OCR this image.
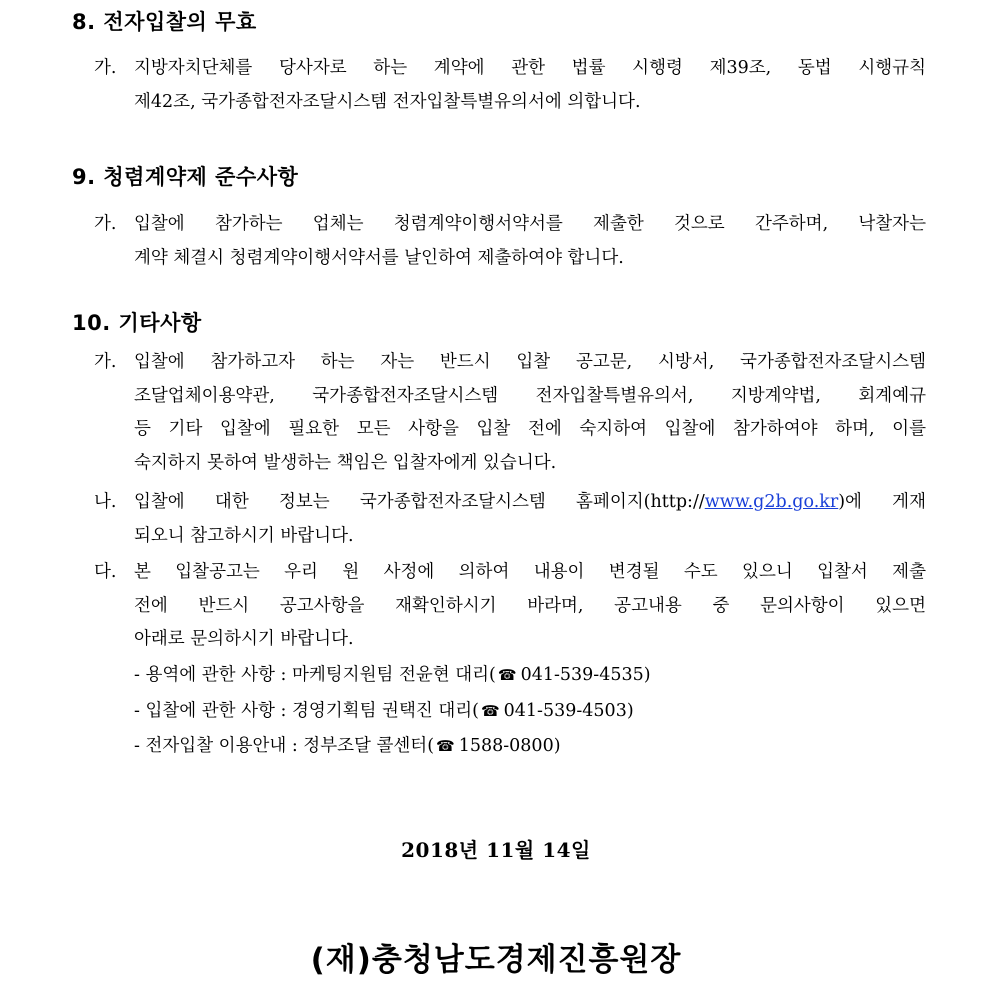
8. 전자입찰의 무효
가.	지방자치단체를 당사자로 하는 계약에 관한 법률 시행령 제39조, 동법 시행규칙
제42조, 국가종합전자조달시스템 전자입찰특별유의서에 의합니다.
9. 청렴계약제 준수사항
가.	입찰에 참가하는 업체는 청렴계약이행서약서를 제출한 것으로 간주하며, 낙찰자는
계약 체결시 청렴계약이행서약서를 날인하여 제출하여야 합니다.
10. 기타사항
가.	입찰에 참가하고자 하는 자는 반드시 입찰 공고문, 시방서, 국가종합전자조달시스템
조달업체이용약관, 국가종합전자조달시스템 전자입찰특별유의서, 지방계약법, 회계예규
등 기타 입찰에 필요한 모든 사항을 입찰 전에 숙지하여 입찰에 참가하여야 하며, 이를
숙지하지 못하여 발생하는 책임은 입찰자에게 있습니다.
나.	입찰에 대한 정보는 국가종합전자조달시스템 홈페이지(http://www.g2b.go.kr)에 게재
되오니 참고하시기 바랍니다.
다.	본 입찰공고는 우리 원 사정에 의하여 내용이 변경될 수도 있으니 입찰서 제출
전에 반드시 공고사항을 재확인하시기 바라며, 공고내용 중 문의사항이 있으면
아래로 문의하시기 바랍니다.
- 용역에 관한 사항 : 마케팅지원팀 전윤현 대리( ☎ 041-539-4535)
- 입찰에 관한 사항 : 경영기획팀 권택진 대리( ☎ 041-539-4503)
- 전자입찰 이용안내 : 정부조달 콜센터( ☎ 1588-0800)
2018년 11월 14일
(재)충청남도경제진흥원장
